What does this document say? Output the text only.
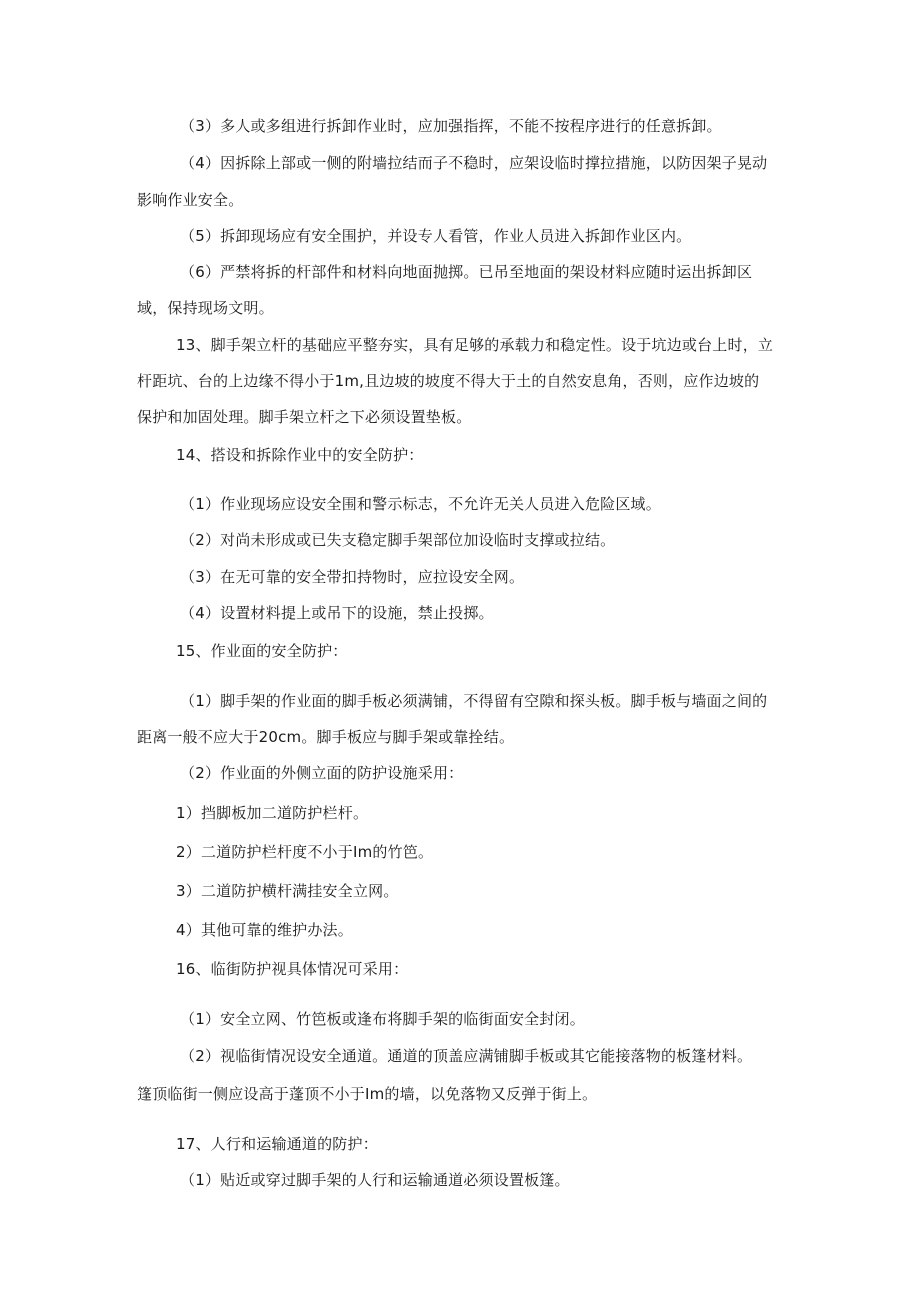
（3）多人或多组进行拆卸作业时，应加强指挥，不能不按程序进行的任意拆卸。
（4）因拆除上部或一侧的附墙拉结而子不稳时，应架设临时撑拉措施，以防因架子晃动
影响作业安全。
（5）拆卸现场应有安全围护，并设专人看管，作业人员进入拆卸作业区内。
（6）严禁将拆的杆部件和材料向地面抛掷。已吊至地面的架设材料应随时运出拆卸区
域，保持现场文明。
13、脚手架立杆的基础应平整夯实，具有足够的承载力和稳定性。设于坑边或台上时，立
杆距坑、台的上边缘不得小于1m,且边坡的坡度不得大于土的自然安息角，否则，应作边坡的
保护和加固处理。脚手架立杆之下必须设置垫板。
14、搭设和拆除作业中的安全防护：
（1）作业现场应设安全围和警示标志，不允许无关人员进入危险区域。
（2）对尚未形成或已失支稳定脚手架部位加设临时支撑或拉结。
（3）在无可靠的安全带扣持物时，应拉设安全网。
（4）设置材料提上或吊下的设施，禁止投掷。
15、作业面的安全防护：
（1）脚手架的作业面的脚手板必须满铺，不得留有空隙和探头板。脚手板与墙面之间的
距离一般不应大于20cm。脚手板应与脚手架或靠拴结。
（2）作业面的外侧立面的防护设施采用：
1）挡脚板加二道防护栏杆。
2）二道防护栏杆度不小于Im的竹笆。
3）二道防护横杆满挂安全立网。
4）其他可靠的维护办法。
16、临街防护视具体情况可采用：
（1）安全立网、竹笆板或逢布将脚手架的临街面安全封闭。
（2）视临街情况设安全通道。通道的顶盖应满铺脚手板或其它能接落物的板篷材料。
篷顶临街一侧应设高于蓬顶不小于Im的墙，以免落物又反弹于街上。
17、人行和运输通道的防护：
（1）贴近或穿过脚手架的人行和运输通道必须设置板篷。
